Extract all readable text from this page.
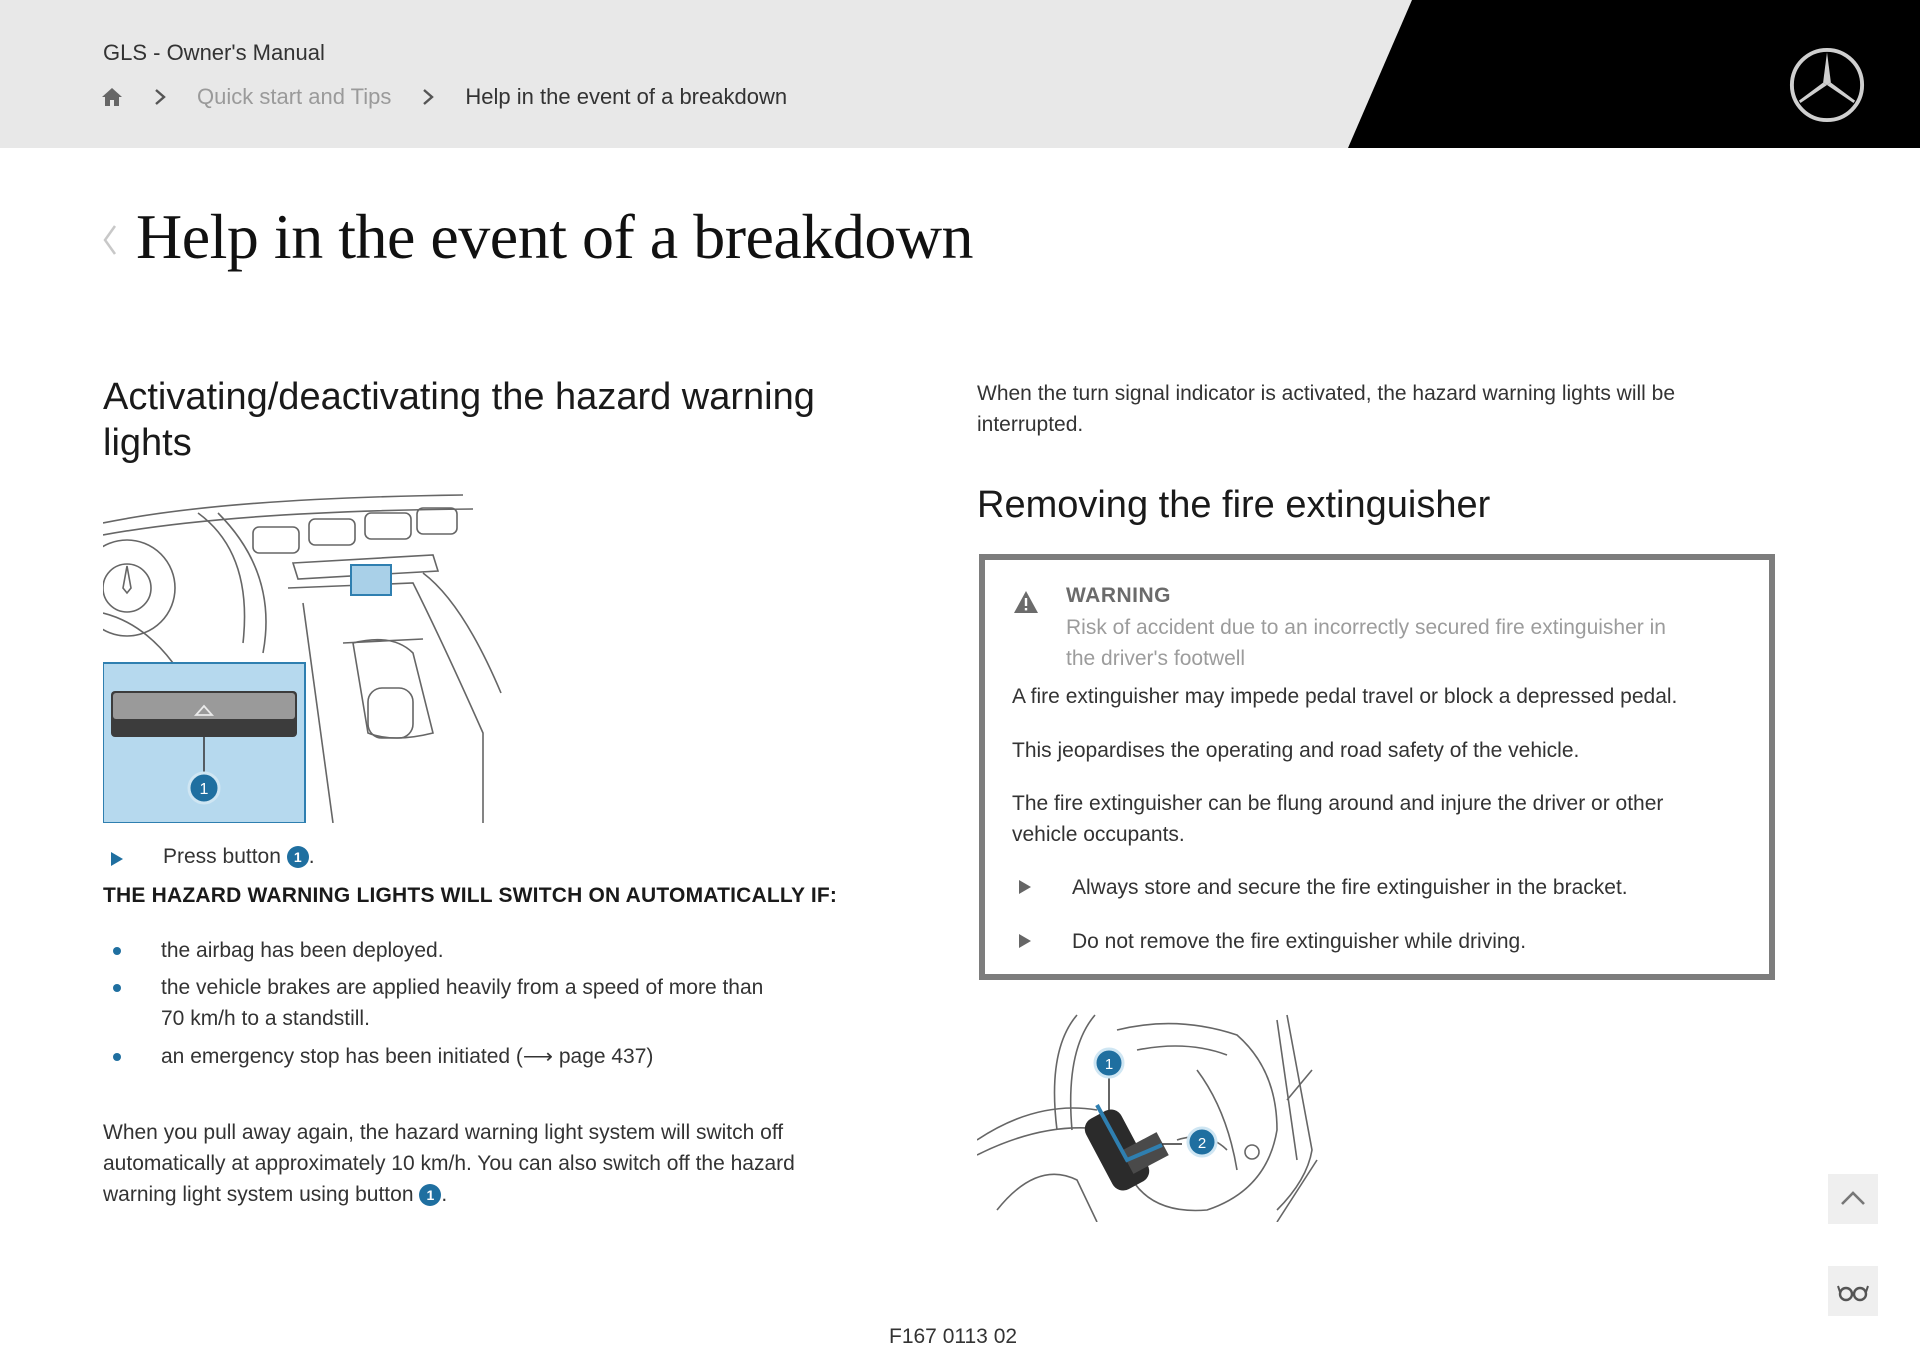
GLS - Owner's Manual
Quick start and Tips	Help in the event of a breakdown
Help in the event of a breakdown
Activating/deactivating the hazard warning lights
1
Press button 1 .
THE HAZARD WARNING LIGHTS WILL SWITCH ON AUTOMATICALLY IF:
the airbag has been deployed.
the vehicle brakes are applied heavily from a speed of more than
70 km/h to a standstill.
an emergency stop has been initiated (⟶ page 437)
When you pull away again, the hazard warning light system will switch off
automatically at approximately 10 km/h. You can also switch off the hazard
warning light system using button 1 .
When the turn signal indicator is activated, the hazard warning lights will be
interrupted.
Removing the fire extinguisher
WARNING
Risk of accident due to an incorrectly secured fire extinguisher in
the driver's footwell
A fire extinguisher may impede pedal travel or block a depressed pedal.
This jeopardises the operating and road safety of the vehicle.
The fire extinguisher can be flung around and injure the driver or other
vehicle occupants.
Always store and secure the fire extinguisher in the bracket.
Do not remove the fire extinguisher while driving.
1
2
F167 0113 02
